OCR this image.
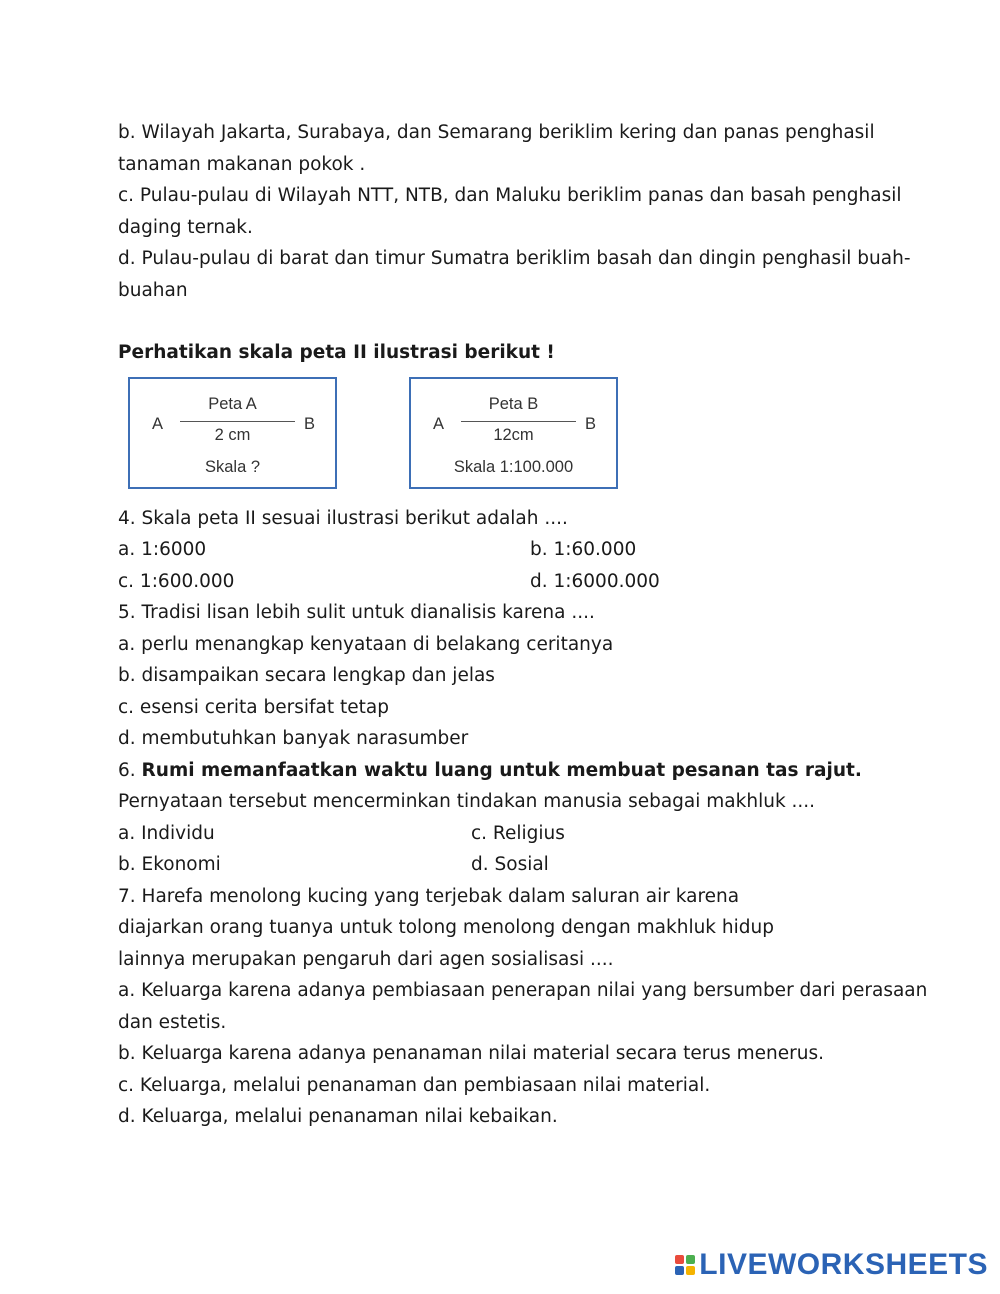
b. Wilayah Jakarta, Surabaya, dan Semarang beriklim kering dan panas penghasil
tanaman makanan pokok .
c. Pulau-pulau di Wilayah NTT, NTB, dan Maluku beriklim panas dan basah penghasil
daging ternak.
d. Pulau-pulau di barat dan timur Sumatra beriklim basah dan dingin penghasil buah-
buahan
Perhatikan skala peta II ilustrasi berikut !
A
Peta A
B
2 cm
Skala ?
A
Peta B
B
12cm
Skala 1:100.000
4. Skala peta II sesuai ilustrasi berikut adalah ....
a. 1:6000	b. 1:60.000
c. 1:600.000	d. 1:6000.000
5. Tradisi lisan lebih sulit untuk dianalisis karena ....
a. perlu menangkap kenyataan di belakang ceritanya
b. disampaikan secara lengkap dan jelas
c. esensi cerita bersifat tetap
d. membutuhkan banyak narasumber
6. Rumi memanfaatkan waktu luang untuk membuat pesanan tas rajut.
Pernyataan tersebut mencerminkan tindakan manusia sebagai makhluk ....
a. Individu	c. Religius
b. Ekonomi	d. Sosial
7. Harefa menolong kucing yang terjebak dalam saluran air karena
diajarkan orang tuanya untuk tolong menolong dengan makhluk hidup
lainnya merupakan pengaruh dari agen sosialisasi ....
a. Keluarga karena adanya pembiasaan penerapan nilai yang bersumber dari perasaan
dan estetis.
b. Keluarga karena adanya penanaman nilai material secara terus menerus.
c. Keluarga, melalui penanaman dan pembiasaan nilai material.
d. Keluarga, melalui penanaman nilai kebaikan.
LIVEWORKSHEETS
